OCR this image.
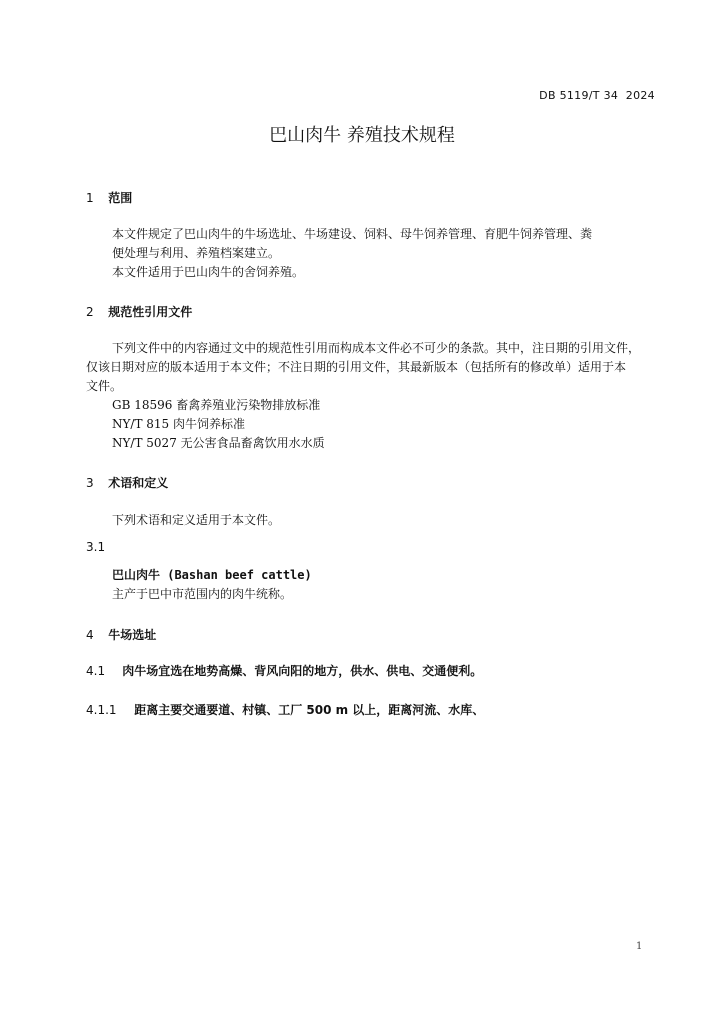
DB 5119/T 34  2024
巴山肉牛 养殖技术规程
1 范围

本文件规定了巴山肉牛的牛场选址、牛场建设、饲料、母牛饲养管理、育肥牛饲养管理、粪

便处理与利用、养殖档案建立。

本文件适用于巴山肉牛的舍饲养殖。

2 规范性引用文件

下列文件中的内容通过文中的规范性引用而构成本文件必不可少的条款。其中，注日期的引用文件，

仅该日期对应的版本适用于本文件；不注日期的引用文件，其最新版本（包括所有的修改单）适用于本

文件。

GB 18596 畜禽养殖业污染物排放标准

NY/T 815 肉牛饲养标准

NY/T 5027 无公害食品畜禽饮用水水质

3 术语和定义

下列术语和定义适用于本文件。

3.1

巴山肉牛 (Bashan beef cattle)

主产于巴中市范围内的肉牛统称。

4 牛场选址
4.1 肉牛场宜选在地势高燥、背风向阳的地方，供水、供电、交通便利。
4.1.1 距离主要交通要道、村镇、工厂 500 m 以上，距离河流、水库、
1
